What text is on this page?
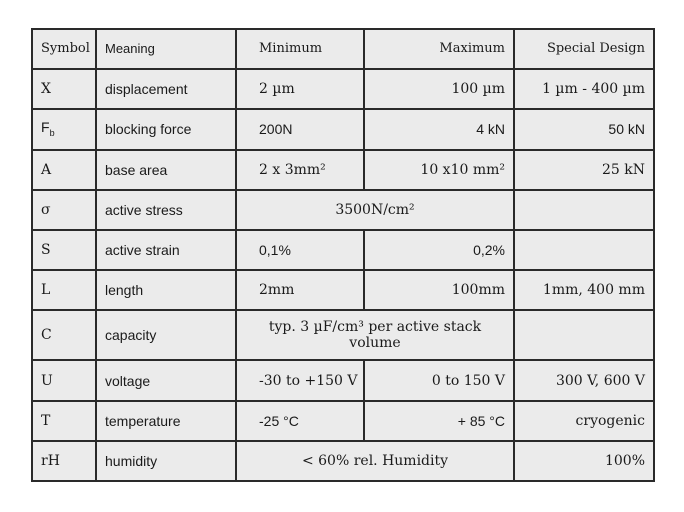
Symbol	Meaning	Minimum	Maximum	Special Design
X	displacement	2 µm	100 µm	1 µm - 400 µm
$F_b$	blocking force	200N	4 kN	50 kN
A	base area	2 x 3mm²	10 x10 mm²	25 kN
σ	active stress	3500N/cm²		
S	active strain	0,1%	0,2%	
L	length	2mm	100mm	1mm, 400 mm
C	capacity	typ. 3 µF/cm³ per active stack volume		
U	voltage	-30 to +150 V	0 to 150 V	300 V, 600 V
T	temperature	-25 °C	+ 85 °C	cryogenic
rH	humidity	< 60% rel. Humidity		100%
